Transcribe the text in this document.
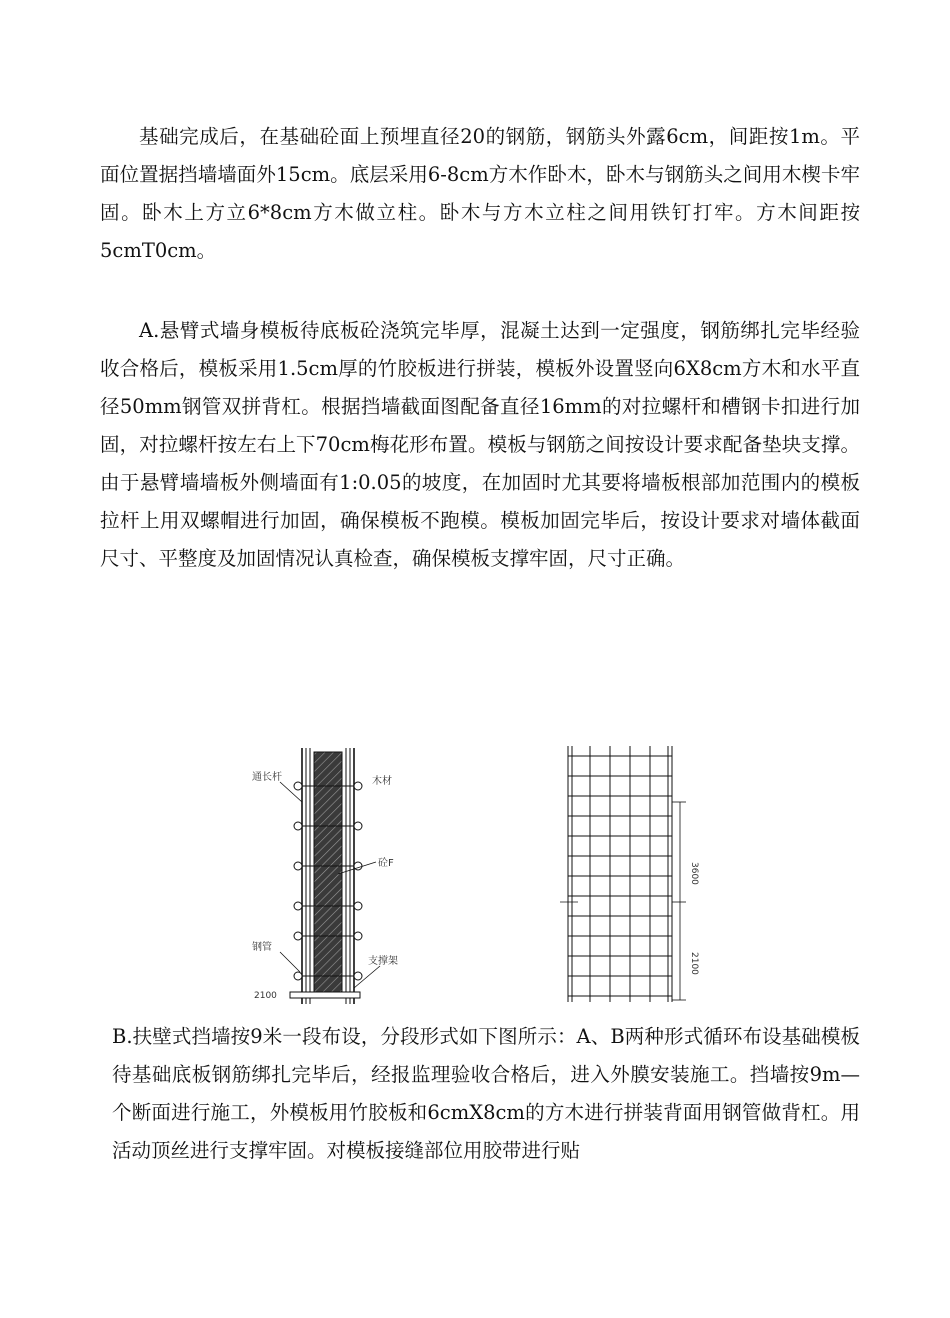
基础完成后，在基础砼面上预埋直径20的钢筋，钢筋头外露6cm，间距按1m。平面位置据挡墙墙面外15cm。底层采用6-8cm方木作卧木，卧木与钢筋头之间用木楔卡牢固。卧木上方立6*8cm方木做立柱。卧木与方木立柱之间用铁钉打牢。方木间距按5cmT0cm。

A.悬臂式墙身模板待底板砼浇筑完毕厚，混凝土达到一定强度，钢筋绑扎完毕经验收合格后，模板采用1.5cm厚的竹胶板进行拼装，模板外设置竖向6X8cm方木和水平直径50mm钢管双拼背杠。根据挡墙截面图配备直径16mm的对拉螺杆和槽钢卡扣进行加固，对拉螺杆按左右上下70cm梅花形布置。模板与钢筋之间按设计要求配备垫块支撑。由于悬臂墙墙板外侧墙面有1:0.05的坡度，在加固时尤其要将墙板根部加范围内的模板拉杆上用双螺帽进行加固，确保模板不跑模。模板加固完毕后，按设计要求对墙体截面尺寸、平整度及加固情况认真检查，确保模板支撑牢固，尺寸正确。

通长杆	木材
砼F
钢管
支撑架
2100
3600
2100

B.扶壁式挡墙按9米一段布设，分段形式如下图所示：A、B两种形式循环布设基础模板待基础底板钢筋绑扎完毕后，经报监理验收合格后，进入外膜安装施工。挡墙按9m—个断面进行施工，外模板用竹胶板和6cmX8cm的方木进行拼装背面用钢管做背杠。用活动顶丝进行支撑牢固。对模板接缝部位用胶带进行贴
